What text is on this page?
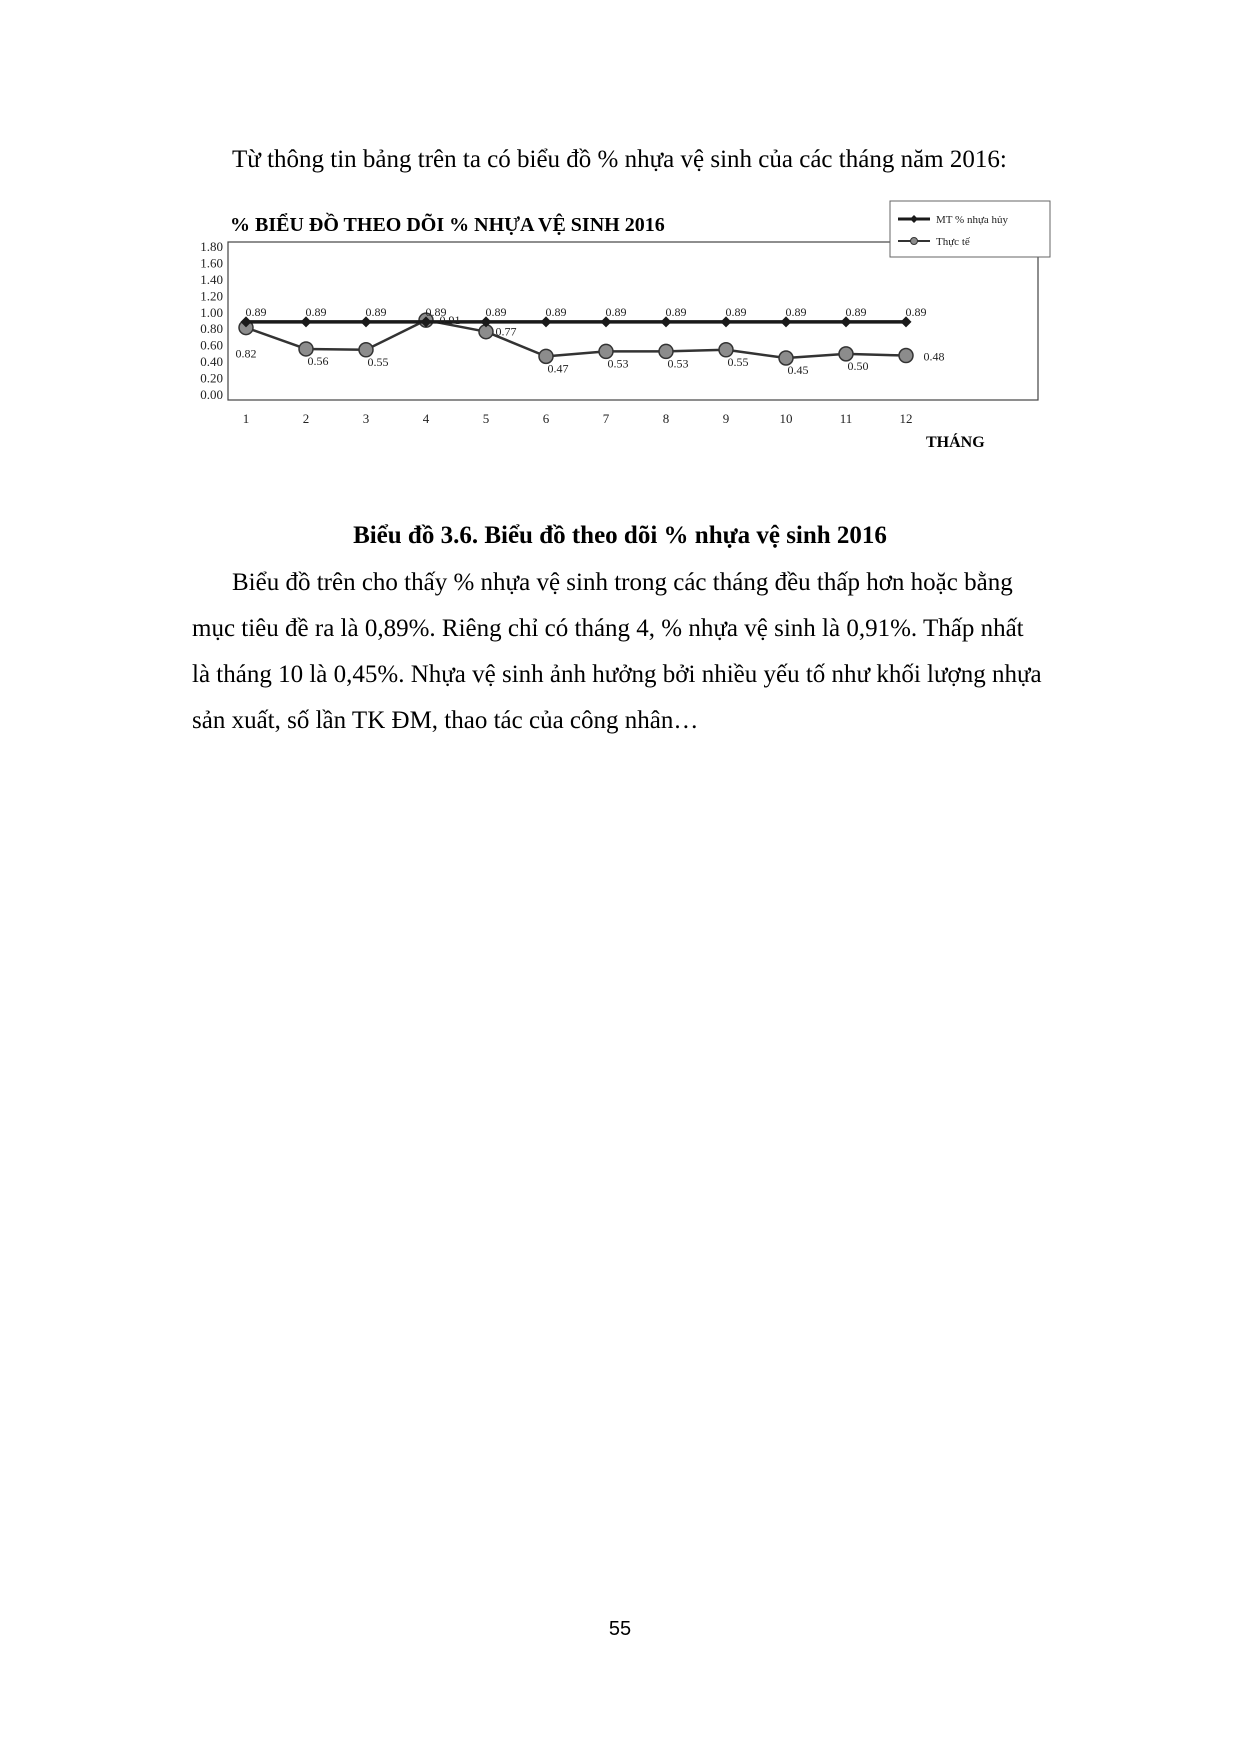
Từ thông tin bảng trên ta có biểu đồ % nhựa vệ sinh của các tháng năm 2016:
% BIỂU ĐỒ THEO DÕI % NHỰA VỆ SINH 2016	MT % nhựa hủy
Thực tế
0.00
0.20
0.40
0.60
0.80
1.00
1.20
1.40
1.60
1.80
1	2	3	4	5	6	7	8	9	10	11	12
0.89	0.89	0.89	0.89	0.89	0.89	0.89	0.89	0.89	0.89	0.89	0.89
0.82
0.56	0.55
0.91
0.77
0.47	0.53	0.53	0.55
0.45	0.50
0.48
THÁNG
Biểu đồ 3.6. Biểu đồ theo dõi % nhựa vệ sinh 2016
Biểu đồ trên cho thấy % nhựa vệ sinh trong các tháng đều thấp hơn hoặc bằng
mục tiêu đề ra là 0,89%. Riêng chỉ có tháng 4, % nhựa vệ sinh là 0,91%. Thấp nhất
là tháng 10 là 0,45%. Nhựa vệ sinh ảnh hưởng bởi nhiều yếu tố như khối lượng nhựa
sản xuất, số lần TK ĐM, thao tác của công nhân…
55
